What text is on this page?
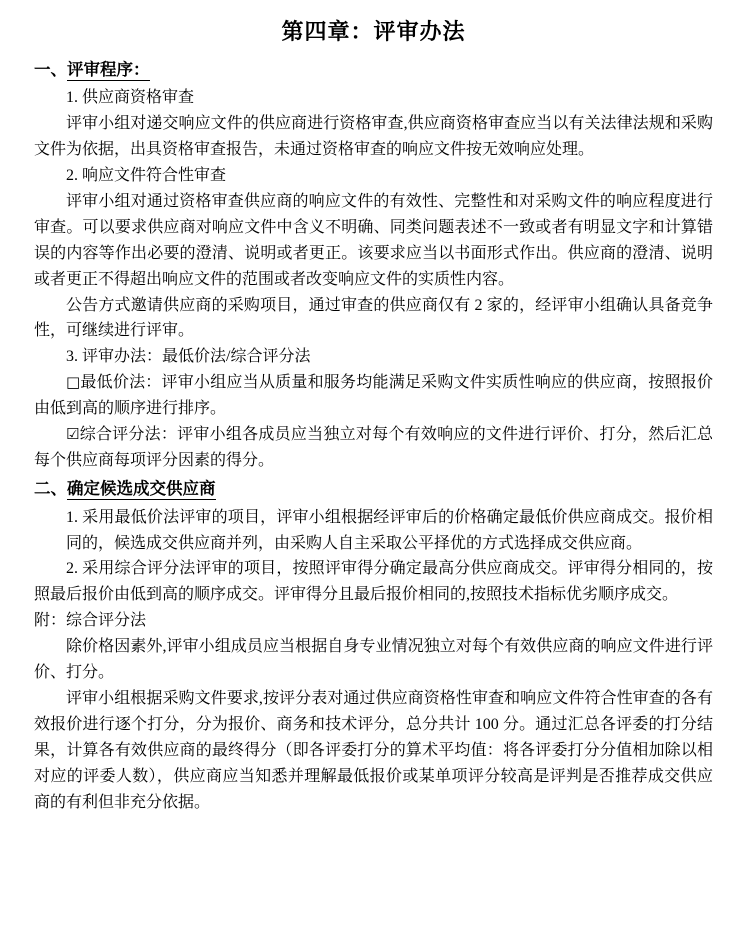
第四章：评审办法
一、评审程序：

1. 供应商资格审查

评审小组对递交响应文件的供应商进行资格审查,供应商资格审查应当以有关法律法规和采购文件为依据，出具资格审查报告，未通过资格审查的响应文件按无效响应处理。

2. 响应文件符合性审查

评审小组对通过资格审查供应商的响应文件的有效性、完整性和对采购文件的响应程度进行审查。可以要求供应商对响应文件中含义不明确、同类问题表述不一致或者有明显文字和计算错误的内容等作出必要的澄清、说明或者更正。该要求应当以书面形式作出。供应商的澄清、说明或者更正不得超出响应文件的范围或者改变响应文件的实质性内容。

公告方式邀请供应商的采购项目，通过审查的供应商仅有 2 家的，经评审小组确认具备竞争性，可继续进行评审。

3. 评审办法：最低价法/综合评分法

□最低价法：评审小组应当从质量和服务均能满足采购文件实质性响应的供应商，按照报价由低到高的顺序进行排序。

☑综合评分法：评审小组各成员应当独立对每个有效响应的文件进行评价、打分，然后汇总每个供应商每项评分因素的得分。

二、确定候选成交供应商

1. 采用最低价法评审的项目，评审小组根据经评审后的价格确定最低价供应商成交。报价相同的，候选成交供应商并列，由采购人自主采取公平择优的方式选择成交供应商。

2. 采用综合评分法评审的项目，按照评审得分确定最高分供应商成交。评审得分相同的，按照最后报价由低到高的顺序成交。评审得分且最后报价相同的,按照技术指标优劣顺序成交。

附：综合评分法

除价格因素外,评审小组成员应当根据自身专业情况独立对每个有效供应商的响应文件进行评价、打分。

评审小组根据采购文件要求,按评分表对通过供应商资格性审查和响应文件符合性审查的各有效报价进行逐个打分，分为报价、商务和技术评分，总分共计 100 分。通过汇总各评委的打分结果，计算各有效供应商的最终得分（即各评委打分的算术平均值：将各评委打分分值相加除以相对应的评委人数），供应商应当知悉并理解最低报价或某单项评分较高是评判是否推荐成交供应商的有利但非充分依据。
